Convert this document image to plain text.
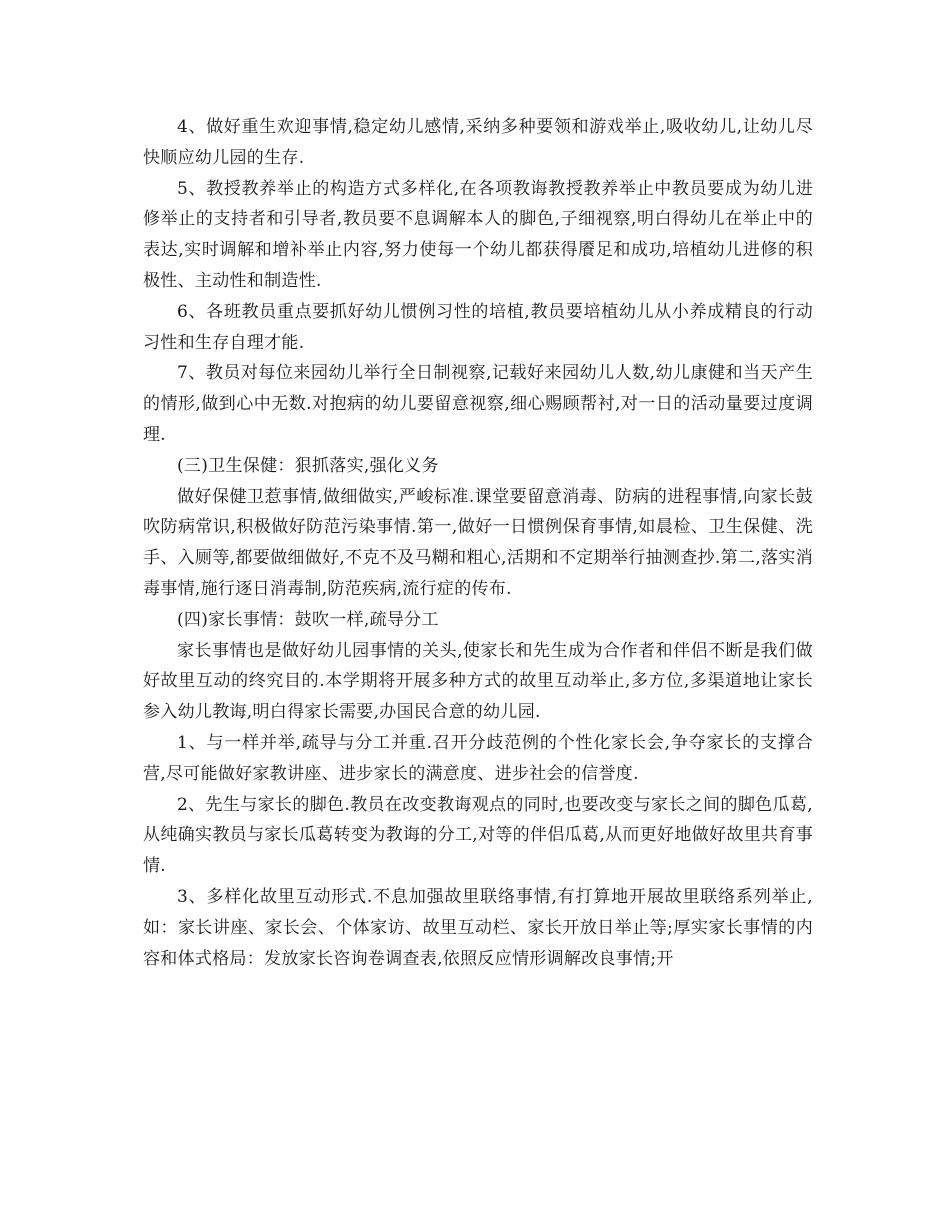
4、做好重生欢迎事情,稳定幼儿感情,采纳多种要领和游戏举止,吸收幼儿,让幼儿尽快顺应幼儿园的生存.

5、教授教养举止的构造方式多样化,在各项教诲教授教养举止中教员要成为幼儿进修举止的支持者和引导者,教员要不息调解本人的脚色,子细视察,明白得幼儿在举止中的表达,实时调解和增补举止内容,努力使每一个幼儿都获得餍足和成功,培植幼儿进修的积极性、主动性和制造性.

6、各班教员重点要抓好幼儿惯例习性的培植,教员要培植幼儿从小养成精良的行动习性和生存自理才能.

7、教员对每位来园幼儿举行全日制视察,记载好来园幼儿人数,幼儿康健和当天产生的情形,做到心中无数.对抱病的幼儿要留意视察,细心赐顾帮衬,对一日的活动量要过度调理.

(三)卫生保健：狠抓落实,强化义务

做好保健卫惹事情,做细做实,严峻标准.课堂要留意消毒、防病的进程事情,向家长鼓吹防病常识,积极做好防范污染事情.第一,做好一日惯例保育事情,如晨检、卫生保健、洗手、入厕等,都要做细做好,不克不及马糊和粗心,活期和不定期举行抽测查抄.第二,落实消毒事情,施行逐日消毒制,防范疾病,流行症的传布.

(四)家长事情：鼓吹一样,疏导分工

家长事情也是做好幼儿园事情的关头,使家长和先生成为合作者和伴侣不断是我们做好故里互动的终究目的.本学期将开展多种方式的故里互动举止,多方位,多渠道地让家长参入幼儿教诲,明白得家长需要,办国民合意的幼儿园.

1、与一样并举,疏导与分工并重.召开分歧范例的个性化家长会,争夺家长的支撑合营,尽可能做好家教讲座、进步家长的满意度、进步社会的信誉度.

2、先生与家长的脚色.教员在改变教诲观点的同时,也要改变与家长之间的脚色瓜葛,从纯确实教员与家长瓜葛转变为教诲的分工,对等的伴侣瓜葛,从而更好地做好故里共育事情.

3、多样化故里互动形式.不息加强故里联络事情,有打算地开展故里联络系列举止,如：家长讲座、家长会、个体家访、故里互动栏、家长开放日举止等;厚实家长事情的内容和体式格局：发放家长咨询卷调查表,依照反应情形调解改良事情;开
